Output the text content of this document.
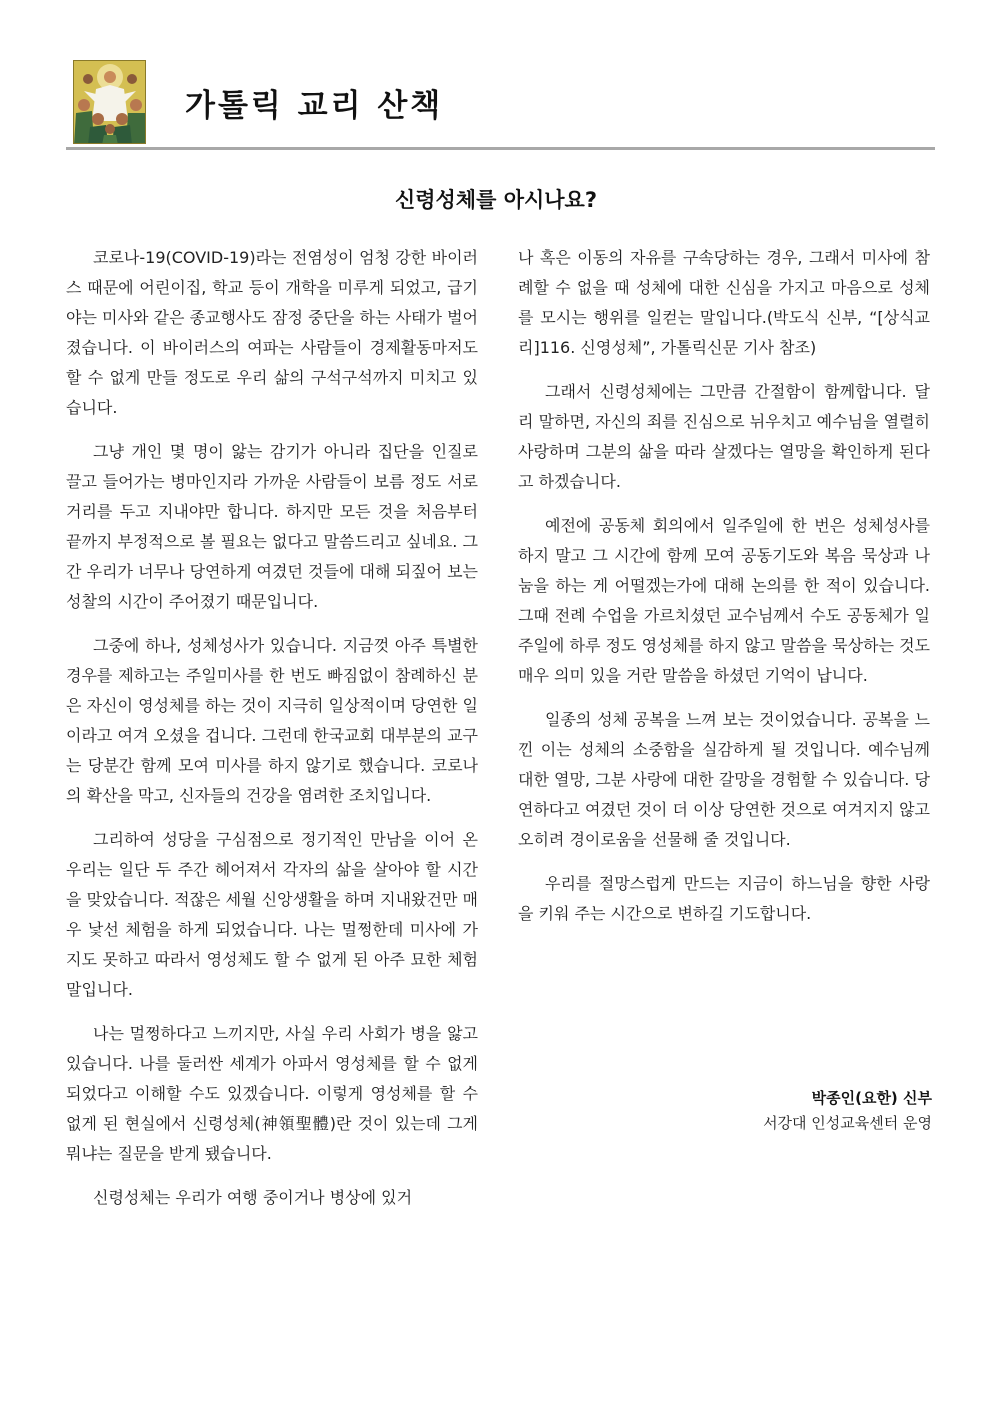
가톨릭 교리 산책
신령성체를 아시나요?

코로나-19(COVID-19)라는 전염성이 엄청 강한 바이러스 때문에 어린이집, 학교 등이 개학을 미루게 되었고, 급기야는 미사와 같은 종교행사도 잠정 중단을 하는 사태가 벌어졌습니다. 이 바이러스의 여파는 사람들이 경제활동마저도 할 수 없게 만들 정도로 우리 삶의 구석구석까지 미치고 있습니다.

그냥 개인 몇 명이 앓는 감기가 아니라 집단을 인질로 끌고 들어가는 병마인지라 가까운 사람들이 보름 정도 서로 거리를 두고 지내야만 합니다. 하지만 모든 것을 처음부터 끝까지 부정적으로 볼 필요는 없다고 말씀드리고 싶네요. 그간 우리가 너무나 당연하게 여겼던 것들에 대해 되짚어 보는 성찰의 시간이 주어졌기 때문입니다.

그중에 하나, 성체성사가 있습니다. 지금껏 아주 특별한 경우를 제하고는 주일미사를 한 번도 빠짐없이 참례하신 분은 자신이 영성체를 하는 것이 지극히 일상적이며 당연한 일이라고 여겨 오셨을 겁니다. 그런데 한국교회 대부분의 교구는 당분간 함께 모여 미사를 하지 않기로 했습니다. 코로나의 확산을 막고, 신자들의 건강을 염려한 조치입니다.

그리하여 성당을 구심점으로 정기적인 만남을 이어 온 우리는 일단 두 주간 헤어져서 각자의 삶을 살아야 할 시간을 맞았습니다. 적잖은 세월 신앙생활을 하며 지내왔건만 매우 낯선 체험을 하게 되었습니다. 나는 멀쩡한데 미사에 가지도 못하고 따라서 영성체도 할 수 없게 된 아주 묘한 체험 말입니다.

나는 멀쩡하다고 느끼지만, 사실 우리 사회가 병을 앓고 있습니다. 나를 둘러싼 세계가 아파서 영성체를 할 수 없게 되었다고 이해할 수도 있겠습니다. 이렇게 영성체를 할 수 없게 된 현실에서 신령성체(神領聖體)란 것이 있는데 그게 뭐냐는 질문을 받게 됐습니다.

신령성체는 우리가 여행 중이거나 병상에 있거

나 혹은 이동의 자유를 구속당하는 경우, 그래서 미사에 참례할 수 없을 때 성체에 대한 신심을 가지고 마음으로 성체를 모시는 행위를 일컫는 말입니다.(박도식 신부, “[상식교리]116. 신영성체”, 가톨릭신문 기사 참조)

그래서 신령성체에는 그만큼 간절함이 함께합니다. 달리 말하면, 자신의 죄를 진심으로 뉘우치고 예수님을 열렬히 사랑하며 그분의 삶을 따라 살겠다는 열망을 확인하게 된다고 하겠습니다.

예전에 공동체 회의에서 일주일에 한 번은 성체성사를 하지 말고 그 시간에 함께 모여 공동기도와 복음 묵상과 나눔을 하는 게 어떨겠는가에 대해 논의를 한 적이 있습니다. 그때 전례 수업을 가르치셨던 교수님께서 수도 공동체가 일주일에 하루 정도 영성체를 하지 않고 말씀을 묵상하는 것도 매우 의미 있을 거란 말씀을 하셨던 기억이 납니다.

일종의 성체 공복을 느껴 보는 것이었습니다. 공복을 느낀 이는 성체의 소중함을 실감하게 될 것입니다. 예수님께 대한 열망, 그분 사랑에 대한 갈망을 경험할 수 있습니다. 당연하다고 여겼던 것이 더 이상 당연한 것으로 여겨지지 않고 오히려 경이로움을 선물해 줄 것입니다.

우리를 절망스럽게 만드는 지금이 하느님을 향한 사랑을 키워 주는 시간으로 변하길 기도합니다.

박종인(요한) 신부
서강대 인성교육센터 운영
